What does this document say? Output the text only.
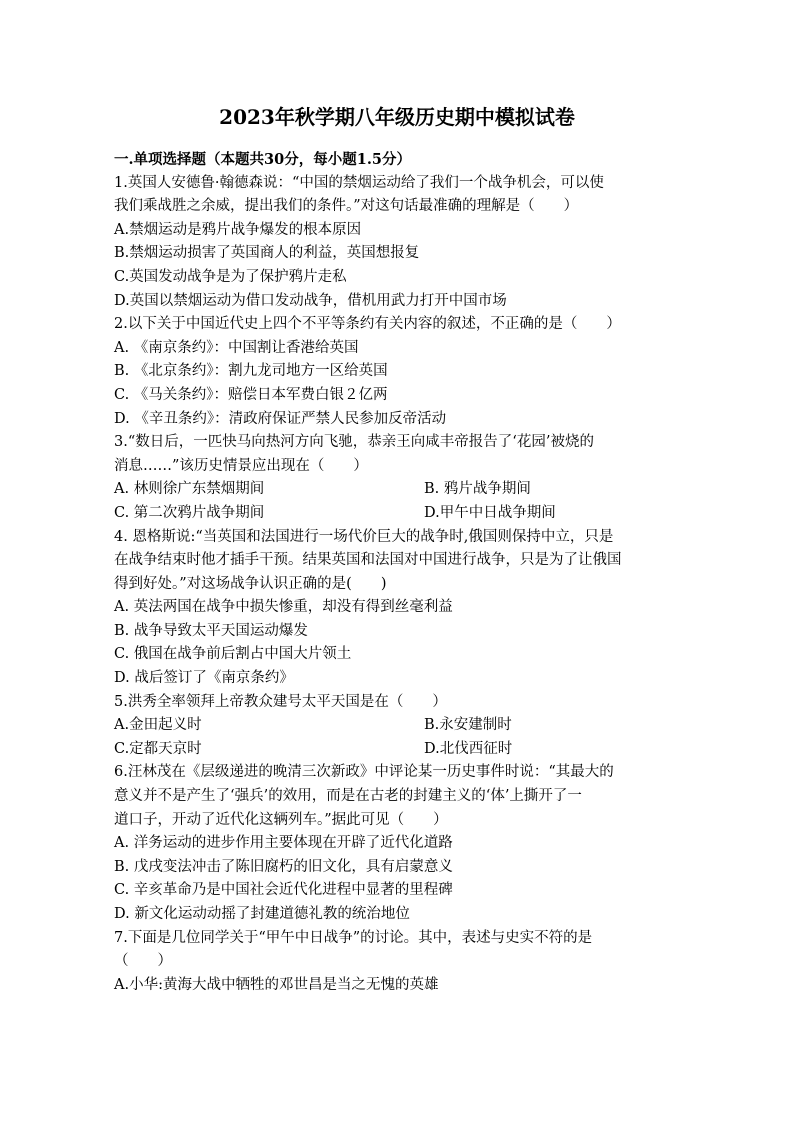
2023年秋学期八年级历史期中模拟试卷
一.单项选择题（本题共30分，每小题1.5分）
1.英国人安德鲁·翰德森说：“中国的禁烟运动给了我们一个战争机会，可以使
我们乘战胜之余威，提出我们的条件。”对这句话最准确的理解是（　　）
A.禁烟运动是鸦片战争爆发的根本原因
B.禁烟运动损害了英国商人的利益，英国想报复
C.英国发动战争是为了保护鸦片走私
D.英国以禁烟运动为借口发动战争，借机用武力打开中国市场
2.以下关于中国近代史上四个不平等条约有关内容的叙述，不正确的是（　　）
A. 《南京条约》：中国割让香港给英国
B. 《北京条约》：割九龙司地方一区给英国
C. 《马关条约》：赔偿日本军费白银２亿两
D. 《辛丑条约》：清政府保证严禁人民参加反帝活动
3.“数日后，一匹快马向热河方向飞驰，恭亲王向咸丰帝报告了‘花园’被烧的
消息……”该历史情景应出现在（　　）
A. 林则徐广东禁烟期间	B. 鸦片战争期间
C. 第二次鸦片战争期间	D.甲午中日战争期间
4. 恩格斯说:“当英国和法国进行一场代价巨大的战争时,俄国则保持中立，只是
在战争结束时他才插手干预。结果英国和法国对中国进行战争，只是为了让俄国
得到好处。”对这场战争认识正确的是(　　)
A. 英法两国在战争中损失惨重，却没有得到丝毫利益
B. 战争导致太平天国运动爆发
C. 俄国在战争前后割占中国大片领土
D. 战后签订了《南京条约》
5.洪秀全率领拜上帝教众建号太平天国是在（　　）
A.金田起义时	B.永安建制时
C.定都天京时	D.北伐西征时
6.汪林茂在《层级递进的晚清三次新政》中评论某一历史事件时说：“其最大的
意义并不是产生了‘强兵’的效用，而是在古老的封建主义的‘体’上撕开了一
道口子，开动了近代化这辆列车。”据此可见（　　）
A. 洋务运动的进步作用主要体现在开辟了近代化道路
B. 戊戌变法冲击了陈旧腐朽的旧文化，具有启蒙意义
C. 辛亥革命乃是中国社会近代化进程中显著的里程碑
D. 新文化运动动摇了封建道德礼教的统治地位
7.下面是几位同学关于“甲午中日战争”的讨论。其中，表述与史实不符的是
（　　）
A.小华:黄海大战中牺牲的邓世昌是当之无愧的英雄
